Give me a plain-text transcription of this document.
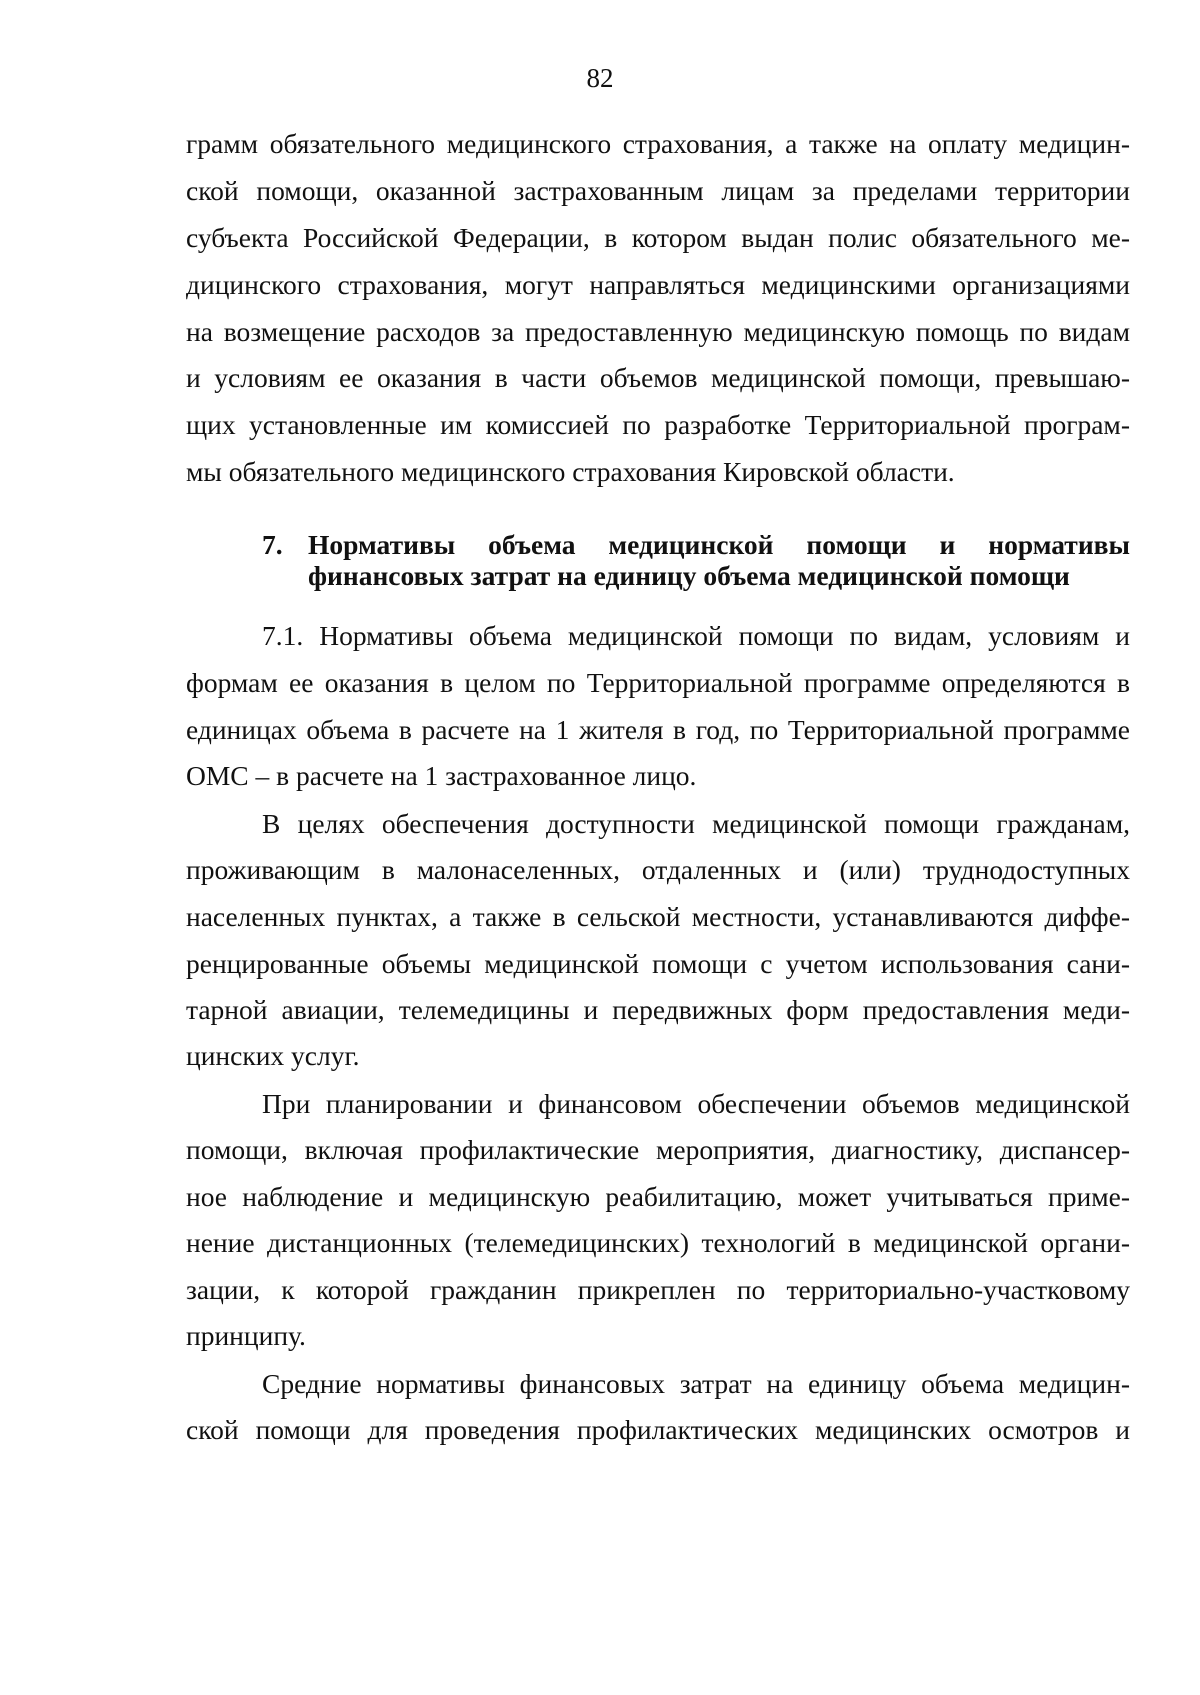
82
грамм обязательного медицинского страхования, а также на оплату медицин-
ской помощи, оказанной застрахованным лицам за пределами территории
субъекта Российской Федерации, в котором выдан полис обязательного ме-
дицинского страхования, могут направляться медицинскими организациями
на возмещение расходов за предоставленную медицинскую помощь по видам
и условиям ее оказания в части объемов медицинской помощи, превышаю-
щих установленные им комиссией по разработке Территориальной програм-
мы обязательного медицинского страхования Кировской области.
7. Нормативы объема медицинской помощи и нормативы
финансовых затрат на единицу объема медицинской помощи
7.1. Нормативы объема медицинской помощи по видам, условиям и
формам ее оказания в целом по Территориальной программе определяются в
единицах объема в расчете на 1 жителя в год, по Территориальной программе
ОМС – в расчете на 1 застрахованное лицо.
В целях обеспечения доступности медицинской помощи гражданам,
проживающим в малонаселенных, отдаленных и (или) труднодоступных
населенных пунктах, а также в сельской местности, устанавливаются диффе-
ренцированные объемы медицинской помощи с учетом использования сани-
тарной авиации, телемедицины и передвижных форм предоставления меди-
цинских услуг.
При планировании и финансовом обеспечении объемов медицинской
помощи, включая профилактические мероприятия, диагностику, диспансер-
ное наблюдение и медицинскую реабилитацию, может учитываться приме-
нение дистанционных (телемедицинских) технологий в медицинской органи-
зации, к которой гражданин прикреплен по территориально-участковому
принципу.
Средние нормативы финансовых затрат на единицу объема медицин-
ской помощи для проведения профилактических медицинских осмотров и
